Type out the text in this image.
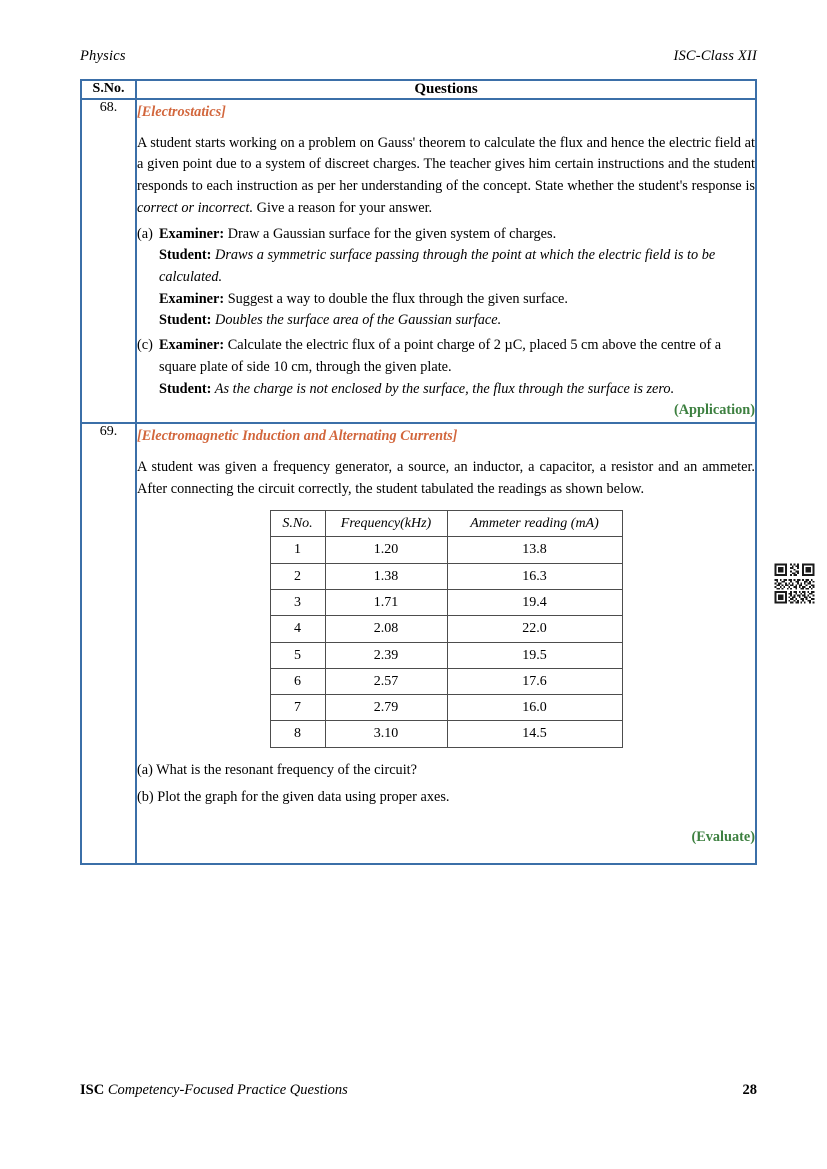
Physics	ISC-Class XII
S.No.	Questions
68.	[Electrostatics]

A student starts working on a problem on Gauss' theorem to calculate the flux and hence the electric field at a given point due to a system of discreet charges. The teacher gives him certain instructions and the student responds to each instruction as per her understanding of the concept. State whether the student's response is correct or incorrect. Give a reason for your answer.

(a) Examiner: Draw a Gaussian surface for the given system of charges.

Student: Draws a symmetric surface passing through the point at which the electric field is to be calculated.

Examiner: Suggest a way to double the flux through the given surface.

Student: Doubles the surface area of the Gaussian surface.

(c) Examiner: Calculate the electric flux of a point charge of 2 µC, placed 5 cm above the centre of a square plate of side 10 cm, through the given plate.

Student: As the charge is not enclosed by the surface, the flux through the surface is zero.
(Application)

69.	[Electromagnetic Induction and Alternating Currents]

A student was given a frequency generator, a source, an inductor, a capacitor, a resistor and an ammeter. After connecting the circuit correctly, the student tabulated the readings as shown below.

S.No.	Frequency(kHz)	Ammeter reading (mA)
1	1.20	13.8
2	1.38	16.3
3	1.71	19.4
4	2.08	22.0
5	2.39	19.5
6	2.57	17.6
7	2.79	16.0
8	3.10	14.5

(a) What is the resonant frequency of the circuit?

(b) Plot the graph for the given data using proper axes.

(Evaluate)

ISC Competency-Focused Practice Questions	28
